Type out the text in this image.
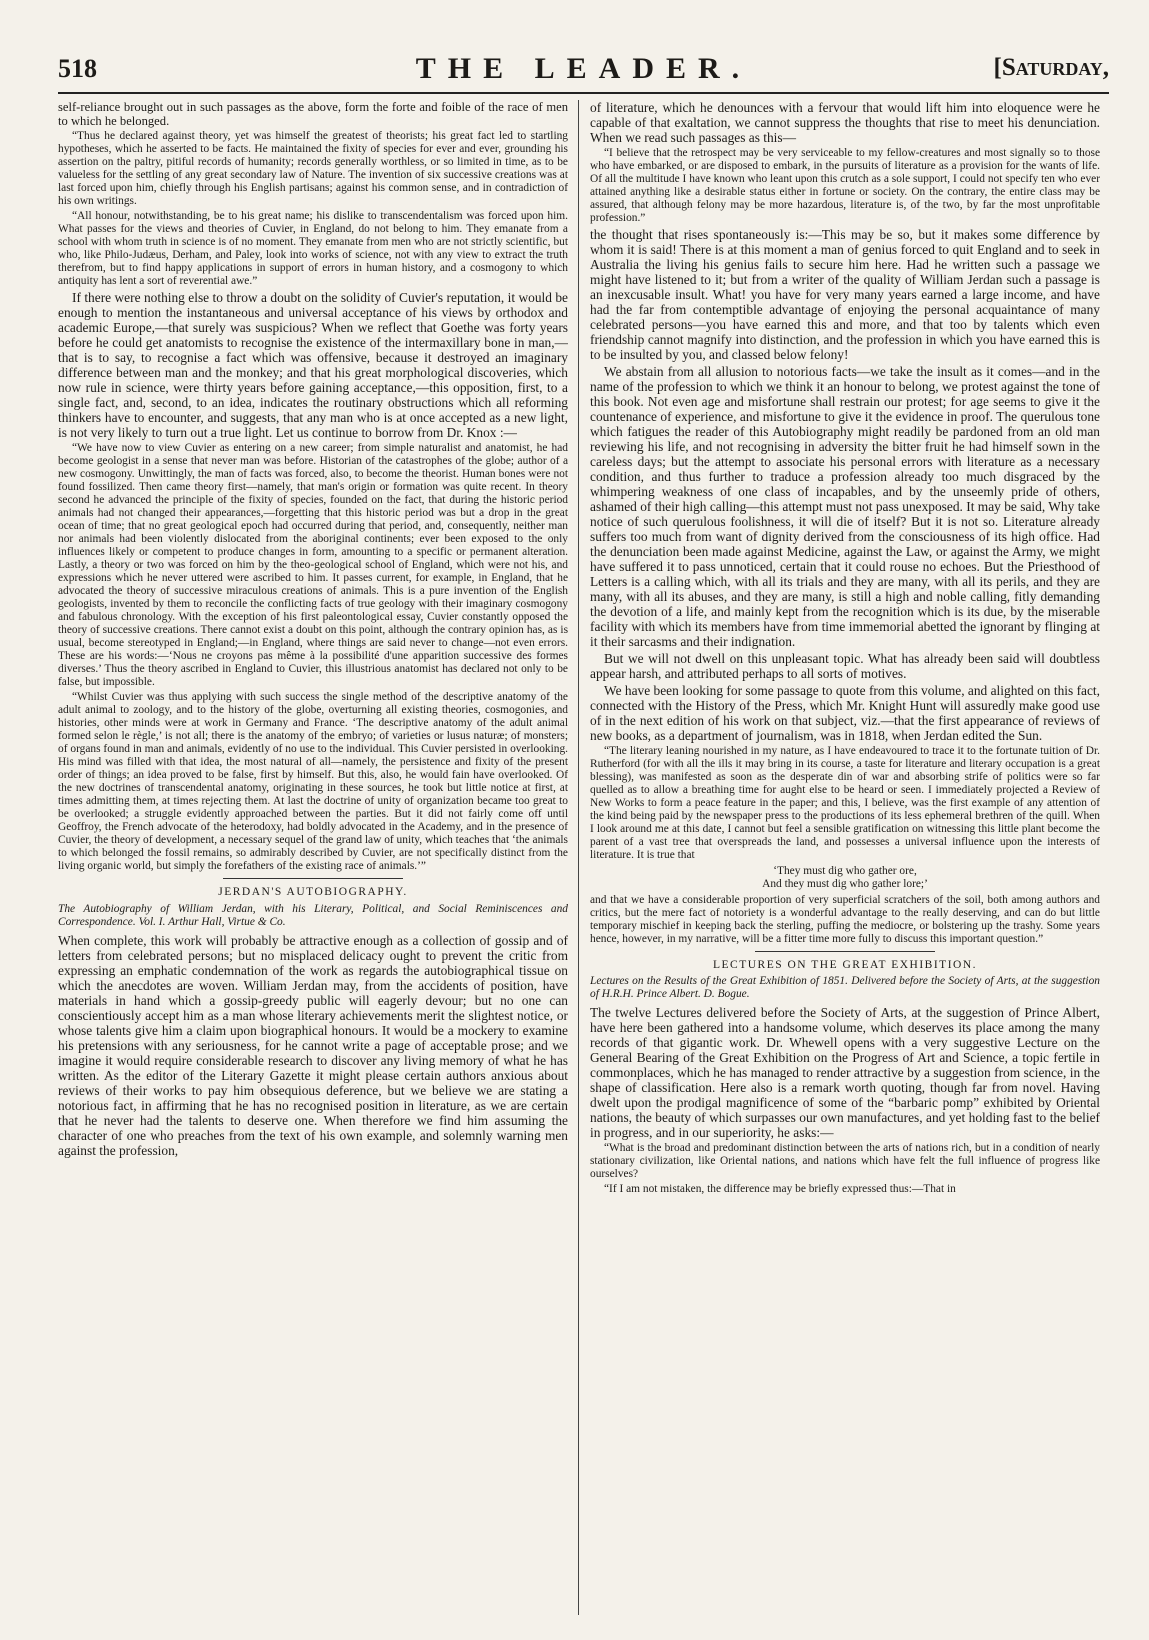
518	THE LEADER.	[Saturday,

self-reliance brought out in such passages as the above, form the forte and foible of the race of men to which he belonged.

“Thus he declared against theory, yet was himself the greatest of theorists; his great fact led to startling hypotheses, which he asserted to be facts. He maintained the fixity of species for ever and ever, grounding his assertion on the paltry, pitiful records of humanity; records generally worthless, or so limited in time, as to be valueless for the settling of any great secondary law of Nature. The invention of six successive creations was at last forced upon him, chiefly through his English partisans; against his common sense, and in contradiction of his own writings.

“All honour, notwithstanding, be to his great name; his dislike to transcendentalism was forced upon him. What passes for the views and theories of Cuvier, in England, do not belong to him. They emanate from a school with whom truth in science is of no moment. They emanate from men who are not strictly scientific, but who, like Philo-Judæus, Derham, and Paley, look into works of science, not with any view to extract the truth therefrom, but to find happy applications in support of errors in human history, and a cosmogony to which antiquity has lent a sort of reverential awe.”

If there were nothing else to throw a doubt on the solidity of Cuvier's reputation, it would be enough to mention the instantaneous and universal acceptance of his views by orthodox and academic Europe,—that surely was suspicious? When we reflect that Goethe was forty years before he could get anatomists to recognise the existence of the intermaxillary bone in man,—that is to say, to recognise a fact which was offensive, because it destroyed an imaginary difference between man and the monkey; and that his great morphological discoveries, which now rule in science, were thirty years before gaining acceptance,—this opposition, first, to a single fact, and, second, to an idea, indicates the routinary obstructions which all reforming thinkers have to encounter, and suggests, that any man who is at once accepted as a new light, is not very likely to turn out a true light. Let us continue to borrow from Dr. Knox :—

“We have now to view Cuvier as entering on a new career; from simple naturalist and anatomist, he had become geologist in a sense that never man was before. Historian of the catastrophes of the globe; author of a new cosmogony. Unwittingly, the man of facts was forced, also, to become the theorist. Human bones were not found fossilized. Then came theory first—namely, that man's origin or formation was quite recent. In theory second he advanced the principle of the fixity of species, founded on the fact, that during the historic period animals had not changed their appearances,—forgetting that this historic period was but a drop in the great ocean of time; that no great geological epoch had occurred during that period, and, consequently, neither man nor animals had been violently dislocated from the aboriginal continents; ever been exposed to the only influences likely or competent to produce changes in form, amounting to a specific or permanent alteration. Lastly, a theory or two was forced on him by the theo-geological school of England, which were not his, and expressions which he never uttered were ascribed to him. It passes current, for example, in England, that he advocated the theory of successive miraculous creations of animals. This is a pure invention of the English geologists, invented by them to reconcile the conflicting facts of true geology with their imaginary cosmogony and fabulous chronology. With the exception of his first paleontological essay, Cuvier constantly opposed the theory of successive creations. There cannot exist a doubt on this point, although the contrary opinion has, as is usual, become stereotyped in England;—in England, where things are said never to change—not even errors. These are his words:—‘Nous ne croyons pas même à la possibilité d'une apparition successive des formes diverses.’ Thus the theory ascribed in England to Cuvier, this illustrious anatomist has declared not only to be false, but impossible.

“Whilst Cuvier was thus applying with such success the single method of the descriptive anatomy of the adult animal to zoology, and to the history of the globe, overturning all existing theories, cosmogonies, and histories, other minds were at work in Germany and France. ‘The descriptive anatomy of the adult animal formed selon le règle,’ is not all; there is the anatomy of the embryo; of varieties or lusus naturæ; of monsters; of organs found in man and animals, evidently of no use to the individual. This Cuvier persisted in overlooking. His mind was filled with that idea, the most natural of all—namely, the persistence and fixity of the present order of things; an idea proved to be false, first by himself. But this, also, he would fain have overlooked. Of the new doctrines of transcendental anatomy, originating in these sources, he took but little notice at first, at times admitting them, at times rejecting them. At last the doctrine of unity of organization became too great to be overlooked; a struggle evidently approached between the parties. But it did not fairly come off until Geoffroy, the French advocate of the heterodoxy, had boldly advocated in the Academy, and in the presence of Cuvier, the theory of development, a necessary sequel of the grand law of unity, which teaches that ‘the animals to which belonged the fossil remains, so admirably described by Cuvier, are not specifically distinct from the living organic world, but simply the forefathers of the existing race of animals.’”

JERDAN'S AUTOBIOGRAPHY.

The Autobiography of William Jerdan, with his Literary, Political, and Social Reminiscences and Correspondence. Vol. I. Arthur Hall, Virtue & Co.

When complete, this work will probably be attractive enough as a collection of gossip and of letters from celebrated persons; but no misplaced delicacy ought to prevent the critic from expressing an emphatic condemnation of the work as regards the autobiographical tissue on which the anecdotes are woven. William Jerdan may, from the accidents of position, have materials in hand which a gossip-greedy public will eagerly devour; but no one can conscientiously accept him as a man whose literary achievements merit the slightest notice, or whose talents give him a claim upon biographical honours. It would be a mockery to examine his pretensions with any seriousness, for he cannot write a page of acceptable prose; and we imagine it would require considerable research to discover any living memory of what he has written. As the editor of the Literary Gazette it might please certain authors anxious about reviews of their works to pay him obsequious deference, but we believe we are stating a notorious fact, in affirming that he has no recognised position in literature, as we are certain that he never had the talents to deserve one. When therefore we find him assuming the character of one who preaches from the text of his own example, and solemnly warning men against the profession,

of literature, which he denounces with a fervour that would lift him into eloquence were he capable of that exaltation, we cannot suppress the thoughts that rise to meet his denunciation. When we read such passages as this—

“I believe that the retrospect may be very serviceable to my fellow-creatures and most signally so to those who have embarked, or are disposed to embark, in the pursuits of literature as a provision for the wants of life. Of all the multitude I have known who leant upon this crutch as a sole support, I could not specify ten who ever attained anything like a desirable status either in fortune or society. On the contrary, the entire class may be assured, that although felony may be more hazardous, literature is, of the two, by far the most unprofitable profession.”

the thought that rises spontaneously is:—This may be so, but it makes some difference by whom it is said! There is at this moment a man of genius forced to quit England and to seek in Australia the living his genius fails to secure him here. Had he written such a passage we might have listened to it; but from a writer of the quality of William Jerdan such a passage is an inexcusable insult. What! you have for very many years earned a large income, and have had the far from contemptible advantage of enjoying the personal acquaintance of many celebrated persons—you have earned this and more, and that too by talents which even friendship cannot magnify into distinction, and the profession in which you have earned this is to be insulted by you, and classed below felony!

We abstain from all allusion to notorious facts—we take the insult as it comes—and in the name of the profession to which we think it an honour to belong, we protest against the tone of this book. Not even age and misfortune shall restrain our protest; for age seems to give it the countenance of experience, and misfortune to give it the evidence in proof. The querulous tone which fatigues the reader of this Autobiography might readily be pardoned from an old man reviewing his life, and not recognising in adversity the bitter fruit he had himself sown in the careless days; but the attempt to associate his personal errors with literature as a necessary condition, and thus further to traduce a profession already too much disgraced by the whimpering weakness of one class of incapables, and by the unseemly pride of others, ashamed of their high calling—this attempt must not pass unexposed. It may be said, Why take notice of such querulous foolishness, it will die of itself? But it is not so. Literature already suffers too much from want of dignity derived from the consciousness of its high office. Had the denunciation been made against Medicine, against the Law, or against the Army, we might have suffered it to pass unnoticed, certain that it could rouse no echoes. But the Priesthood of Letters is a calling which, with all its trials and they are many, with all its perils, and they are many, with all its abuses, and they are many, is still a high and noble calling, fitly demanding the devotion of a life, and mainly kept from the recognition which is its due, by the miserable facility with which its members have from time immemorial abetted the ignorant by flinging at it their sarcasms and their indignation.

But we will not dwell on this unpleasant topic. What has already been said will doubtless appear harsh, and attributed perhaps to all sorts of motives.

We have been looking for some passage to quote from this volume, and alighted on this fact, connected with the History of the Press, which Mr. Knight Hunt will assuredly make good use of in the next edition of his work on that subject, viz.—that the first appearance of reviews of new books, as a department of journalism, was in 1818, when Jerdan edited the Sun.

“The literary leaning nourished in my nature, as I have endeavoured to trace it to the fortunate tuition of Dr. Rutherford (for with all the ills it may bring in its course, a taste for literature and literary occupation is a great blessing), was manifested as soon as the desperate din of war and absorbing strife of politics were so far quelled as to allow a breathing time for aught else to be heard or seen. I immediately projected a Review of New Works to form a peace feature in the paper; and this, I believe, was the first example of any attention of the kind being paid by the newspaper press to the productions of its less ephemeral brethren of the quill. When I look around me at this date, I cannot but feel a sensible gratification on witnessing this little plant become the parent of a vast tree that overspreads the land, and possesses a universal influence upon the interests of literature. It is true that

‘They must dig who gather ore,
And they must dig who gather lore;’

and that we have a considerable proportion of very superficial scratchers of the soil, both among authors and critics, but the mere fact of notoriety is a wonderful advantage to the really deserving, and can do but little temporary mischief in keeping back the sterling, puffing the mediocre, or bolstering up the trashy. Some years hence, however, in my narrative, will be a fitter time more fully to discuss this important question.”

LECTURES ON THE GREAT EXHIBITION.

Lectures on the Results of the Great Exhibition of 1851. Delivered before the Society of Arts, at the suggestion of H.R.H. Prince Albert. D. Bogue.

The twelve Lectures delivered before the Society of Arts, at the suggestion of Prince Albert, have here been gathered into a handsome volume, which deserves its place among the many records of that gigantic work. Dr. Whewell opens with a very suggestive Lecture on the General Bearing of the Great Exhibition on the Progress of Art and Science, a topic fertile in commonplaces, which he has managed to render attractive by a suggestion from science, in the shape of classification. Here also is a remark worth quoting, though far from novel. Having dwelt upon the prodigal magnificence of some of the “barbaric pomp” exhibited by Oriental nations, the beauty of which surpasses our own manufactures, and yet holding fast to the belief in progress, and in our superiority, he asks:—

“What is the broad and predominant distinction between the arts of nations rich, but in a condition of nearly stationary civilization, like Oriental nations, and nations which have felt the full influence of progress like ourselves?

“If I am not mistaken, the difference may be briefly expressed thus:—That in
